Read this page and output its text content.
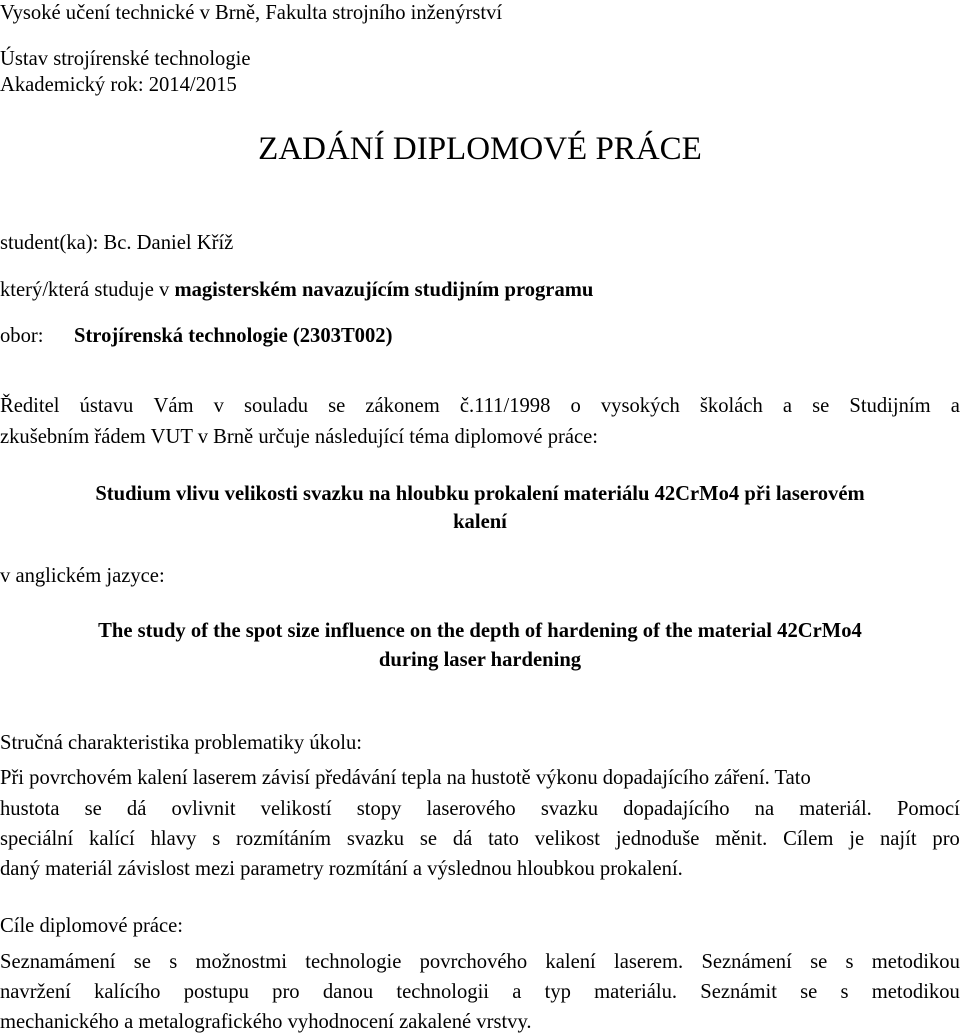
Vysoké učení technické v Brně, Fakulta strojního inženýrství
Ústav strojírenské technologie
Akademický rok: 2014/2015
ZADÁNÍ DIPLOMOVÉ PRÁCE
student(ka): Bc. Daniel Kříž
který/která studuje v magisterském navazujícím studijním programu
obor: Strojírenská technologie (2303T002)
Ředitel ústavu Vám v souladu se zákonem č.111/1998 o vysokých školách a se Studijním a
zkušebním řádem VUT v Brně určuje následující téma diplomové práce:
Studium vlivu velikosti svazku na hloubku prokalení materiálu 42CrMo4 při laserovém
kalení
v anglickém jazyce:
The study of the spot size influence on the depth of hardening of the material 42CrMo4
during laser hardening
Stručná charakteristika problematiky úkolu:
Při povrchovém kalení laserem závisí předávání tepla na hustotě výkonu dopadajícího záření. Tato
hustota se dá ovlivnit velikostí stopy laserového svazku dopadajícího na materiál. Pomocí
speciální kalící hlavy s rozmítáním svazku se dá tato velikost jednoduše měnit. Cílem je najít pro
daný materiál závislost mezi parametry rozmítání a výslednou hloubkou prokalení.
Cíle diplomové práce:
Seznamámení se s možnostmi technologie povrchového kalení laserem. Seznámení se s metodikou
navržení kalícího postupu pro danou technologii a typ materiálu. Seznámit se s metodikou
mechanického a metalografického vyhodnocení zakalené vrstvy.
